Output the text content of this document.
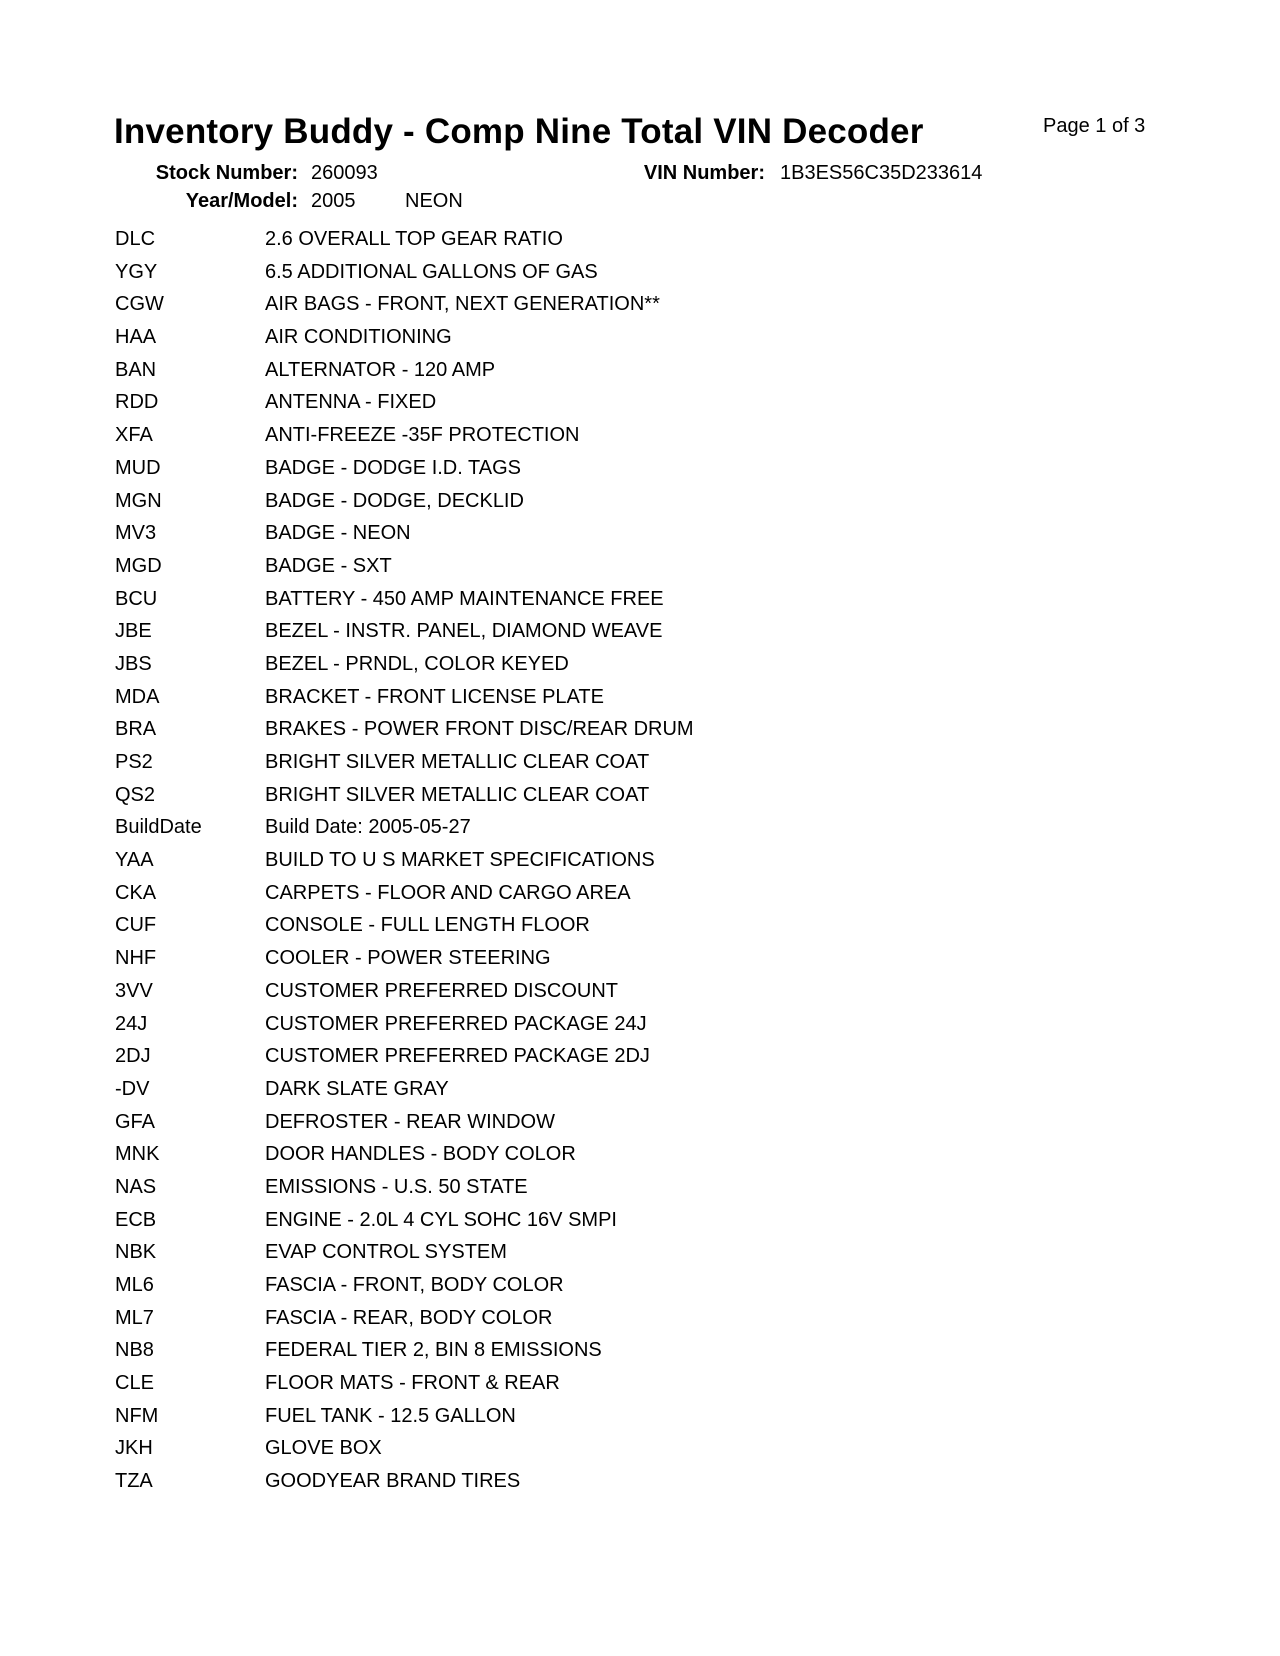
Inventory Buddy - Comp Nine Total VIN Decoder	Page 1 of 3
Stock Number: 260093	VIN Number: 1B3ES56C35D233614
Year/Model: 2005 NEON
DLC	2.6 OVERALL TOP GEAR RATIO
YGY	6.5 ADDITIONAL GALLONS OF GAS
CGW	AIR BAGS - FRONT, NEXT GENERATION**
HAA	AIR CONDITIONING
BAN	ALTERNATOR - 120 AMP
RDD	ANTENNA - FIXED
XFA	ANTI-FREEZE -35F PROTECTION
MUD	BADGE - DODGE I.D. TAGS
MGN	BADGE - DODGE, DECKLID
MV3	BADGE - NEON
MGD	BADGE - SXT
BCU	BATTERY - 450 AMP MAINTENANCE FREE
JBE	BEZEL - INSTR. PANEL, DIAMOND WEAVE
JBS	BEZEL - PRNDL, COLOR KEYED
MDA	BRACKET - FRONT LICENSE PLATE
BRA	BRAKES - POWER FRONT DISC/REAR DRUM
PS2	BRIGHT SILVER METALLIC CLEAR COAT
QS2	BRIGHT SILVER METALLIC CLEAR COAT
BuildDate	Build Date: 2005-05-27
YAA	BUILD TO U S MARKET SPECIFICATIONS
CKA	CARPETS - FLOOR AND CARGO AREA
CUF	CONSOLE - FULL LENGTH FLOOR
NHF	COOLER - POWER STEERING
3VV	CUSTOMER PREFERRED DISCOUNT
24J	CUSTOMER PREFERRED PACKAGE 24J
2DJ	CUSTOMER PREFERRED PACKAGE 2DJ
-DV	DARK SLATE GRAY
GFA	DEFROSTER - REAR WINDOW
MNK	DOOR HANDLES - BODY COLOR
NAS	EMISSIONS - U.S. 50 STATE
ECB	ENGINE - 2.0L 4 CYL SOHC 16V SMPI
NBK	EVAP CONTROL SYSTEM
ML6	FASCIA - FRONT, BODY COLOR
ML7	FASCIA - REAR, BODY COLOR
NB8	FEDERAL TIER 2, BIN 8 EMISSIONS
CLE	FLOOR MATS - FRONT & REAR
NFM	FUEL TANK - 12.5 GALLON
JKH	GLOVE BOX
TZA	GOODYEAR BRAND TIRES
